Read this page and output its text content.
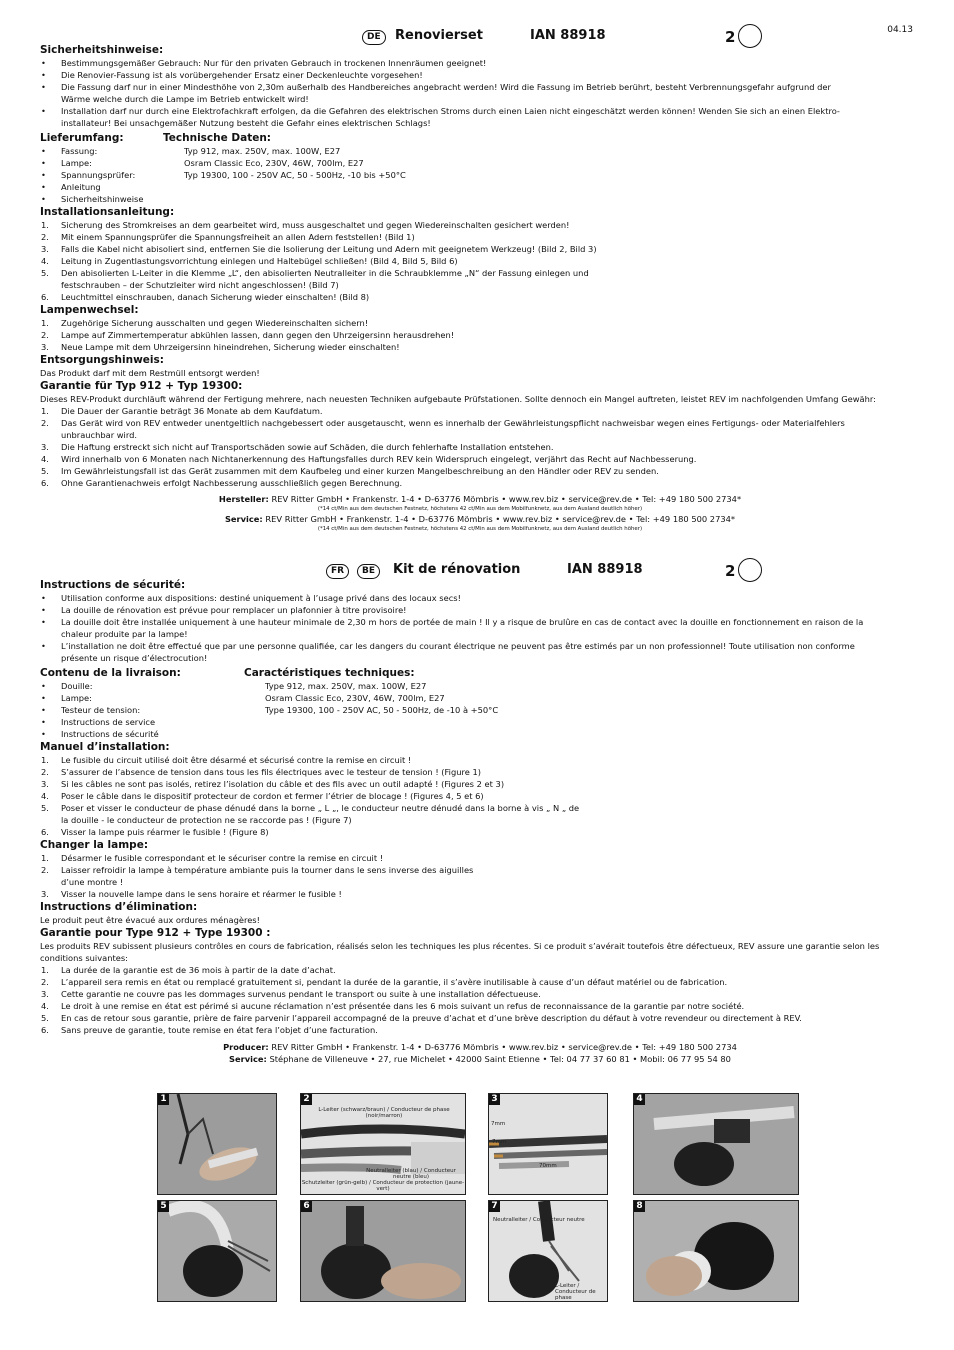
04.13
DE	Renovierset	IAN 88918	2
Sicherheitshinweise:
• Bestimmungsgemäßer Gebrauch: Nur für den privaten Gebrauch in trockenen Innenräumen geeignet!
• Die Renovier-Fassung ist als vorübergehender Ersatz einer Deckenleuchte vorgesehen!
• Die Fassung darf nur in einer Mindesthöhe von 2,30m außerhalb des Handbereiches angebracht werden! Wird die Fassung im Betrieb berührt, besteht Verbrennungsgefahr aufgrund der
Wärme welche durch die Lampe im Betrieb entwickelt wird!
• Installation darf nur durch eine Elektrofachkraft erfolgen, da die Gefahren des elektrischen Stroms durch einen Laien nicht eingeschätzt werden können! Wenden Sie sich an einen Elektro-
installateur! Bei unsachgemäßer Nutzung besteht die Gefahr eines elektrischen Schlags!
Lieferumfang:	Technische Daten:
• Fassung:	Typ 912, max. 250V, max. 100W, E27
• Lampe:	Osram Classic Eco, 230V, 46W, 700lm, E27
• Spannungsprüfer:	Typ 19300, 100 - 250V AC, 50 - 500Hz, -10 bis +50°C
• Anleitung
• Sicherheitshinweise
Installationsanleitung:
1. Sicherung des Stromkreises an dem gearbeitet wird, muss ausgeschaltet und gegen Wiedereinschalten gesichert werden!
2. Mit einem Spannungsprüfer die Spannungsfreiheit an allen Adern feststellen! (Bild 1)
3. Falls die Kabel nicht abisoliert sind, entfernen Sie die Isolierung der Leitung und Adern mit geeignetem Werkzeug! (Bild 2, Bild 3)
4. Leitung in Zugentlastungsvorrichtung einlegen und Haltebügel schließen! (Bild 4, Bild 5, Bild 6)
5. Den abisolierten L-Leiter in die Klemme „L“, den abisolierten Neutralleiter in die Schraubklemme „N“ der Fassung einlegen und
festschrauben – der Schutzleiter wird nicht angeschlossen! (Bild 7)
6. Leuchtmittel einschrauben, danach Sicherung wieder einschalten! (Bild 8)
Lampenwechsel:
1. Zugehörige Sicherung ausschalten und gegen Wiedereinschalten sichern!
2. Lampe auf Zimmertemperatur abkühlen lassen, dann gegen den Uhrzeigersinn herausdrehen!
3. Neue Lampe mit dem Uhrzeigersinn hineindrehen, Sicherung wieder einschalten!
Entsorgungshinweis:
Das Produkt darf mit dem Restmüll entsorgt werden!
Garantie für Typ 912 + Typ 19300:
Dieses REV-Produkt durchläuft während der Fertigung mehrere, nach neuesten Techniken aufgebaute Prüfstationen. Sollte dennoch ein Mangel auftreten, leistet REV im nachfolgenden Umfang Gewähr:
1. Die Dauer der Garantie beträgt 36 Monate ab dem Kaufdatum.
2. Das Gerät wird von REV entweder unentgeltlich nachgebessert oder ausgetauscht, wenn es innerhalb der Gewährleistungspflicht nachweisbar wegen eines Fertigungs- oder Materialfehlers
unbrauchbar wird.
3. Die Haftung erstreckt sich nicht auf Transportschäden sowie auf Schäden, die durch fehlerhafte Installation entstehen.
4. Wird innerhalb von 6 Monaten nach Nichtanerkennung des Haftungsfalles durch REV kein Widerspruch eingelegt, verjährt das Recht auf Nachbesserung.
5. Im Gewährleistungsfall ist das Gerät zusammen mit dem Kaufbeleg und einer kurzen Mangelbeschreibung an den Händler oder REV zu senden.
6. Ohne Garantienachweis erfolgt Nachbesserung ausschließlich gegen Berechnung.
Hersteller: REV Ritter GmbH • Frankenstr. 1-4 • D-63776 Mömbris • www.rev.biz • service@rev.de • Tel: +49 180 500 2734*
(*14 ct/Min aus dem deutschen Festnetz, höchstens 42 ct/Min aus dem Mobilfunknetz, aus dem Ausland deutlich höher)
Service: REV Ritter GmbH • Frankenstr. 1-4 • D-63776 Mömbris • www.rev.biz • service@rev.de • Tel: +49 180 500 2734*
(*14 ct/Min aus dem deutschen Festnetz, höchstens 42 ct/Min aus dem Mobilfunknetz, aus dem Ausland deutlich höher)
FR	BE	Kit de rénovation	IAN 88918	2
Instructions de sécurité:
• Utilisation conforme aux dispositions: destiné uniquement à l’usage privé dans des locaux secs!
• La douille de rénovation est prévue pour remplacer un plafonnier à titre provisoire!
• La douille doit être installée uniquement à une hauteur minimale de 2,30 m hors de portée de main ! Il y a risque de brulûre en cas de contact avec la douille en fonctionnement en raison de la
chaleur produite par la lampe!
• L’installation ne doit être effectué que par une personne qualifiée, car les dangers du courant électrique ne peuvent pas être estimés par un non professionnel! Toute utilisation non conforme
présente un risque d’électrocution!
Contenu de la livraison:	Caractéristiques techniques:
• Douille:	Type 912, max. 250V, max. 100W, E27
• Lampe:	Osram Classic Eco, 230V, 46W, 700lm, E27
• Testeur de tension:	Type 19300, 100 - 250V AC, 50 - 500Hz, de -10 à +50°C
• Instructions de service
• Instructions de sécurité
Manuel d’installation:
1. Le fusible du circuit utilisé doit être désarmé et sécurisé contre la remise en circuit !
2. S’assurer de l’absence de tension dans tous les fils électriques avec le testeur de tension ! (Figure 1)
3. Si les câbles ne sont pas isolés, retirez l’isolation du câble et des fils avec un outil adapté ! (Figures 2 et 3)
4. Poser le câble dans le dispositif protecteur de cordon et fermer l’étrier de blocage ! (Figures 4, 5 et 6)
5. Poser et visser le conducteur de phase dénudé dans la borne „ L „, le conducteur neutre dénudé dans la borne à vis „ N „ de
la douille - le conducteur de protection ne se raccorde pas ! (Figure 7)
6. Visser la lampe puis réarmer le fusible ! (Figure 8)
Changer la lampe:
1. Désarmer le fusible correspondant et le sécuriser contre la remise en circuit !
2. Laisser refroidir la lampe à température ambiante puis la tourner dans le sens inverse des aiguilles
d’une montre !
3. Visser la nouvelle lampe dans le sens horaire et réarmer le fusible !
Instructions d’élimination:
Le produit peut être évacué aux ordures ménagères!
Garantie pour Type 912 + Type 19300 :
Les produits REV subissent plusieurs contrôles en cours de fabrication, réalisés selon les techniques les plus récentes. Si ce produit s’avérait toutefois être défectueux, REV assure une garantie selon les
conditions suivantes:
1. La durée de la garantie est de 36 mois à partir de la date d’achat.
2. L’appareil sera remis en état ou remplacé gratuitement si, pendant la durée de la garantie, il s’avère inutilisable à cause d’un défaut matériel ou de fabrication.
3. Cette garantie ne couvre pas les dommages survenus pendant le transport ou suite à une installation défectueuse.
4. Le droit à une remise en état est périmé si aucune réclamation n’est présentée dans les 6 mois suivant un refus de reconnaissance de la garantie par notre société.
5. En cas de retour sous garantie, prière de faire parvenir l’appareil accompagné de la preuve d’achat et d’une brève description du défaut à votre revendeur ou directement à REV.
6. Sans preuve de garantie, toute remise en état fera l’objet d’une facturation.
Producer: REV Ritter GmbH • Frankenstr. 1-4 • D-63776 Mömbris • www.rev.biz • service@rev.de • Tel: +49 180 500 2734
Service: Stéphane de Villeneuve • 27, rue Michelet • 42000 Saint Etienne • Tel: 04 77 37 60 81 • Mobil: 06 77 95 54 80
1	2
L-Leiter (schwarz/braun) / Conducteur de phase (noir/marron)
Neutralleiter (blau) / Conducteur neutre (bleu)
Schutzleiter (grün-gelb) / Conducteur de protection (jaune-vert)
3
7mm
7mm
70mm
4
5	6	7
Neutralleiter / Conducteur neutre
L-Leiter / Conducteur de phase
8
